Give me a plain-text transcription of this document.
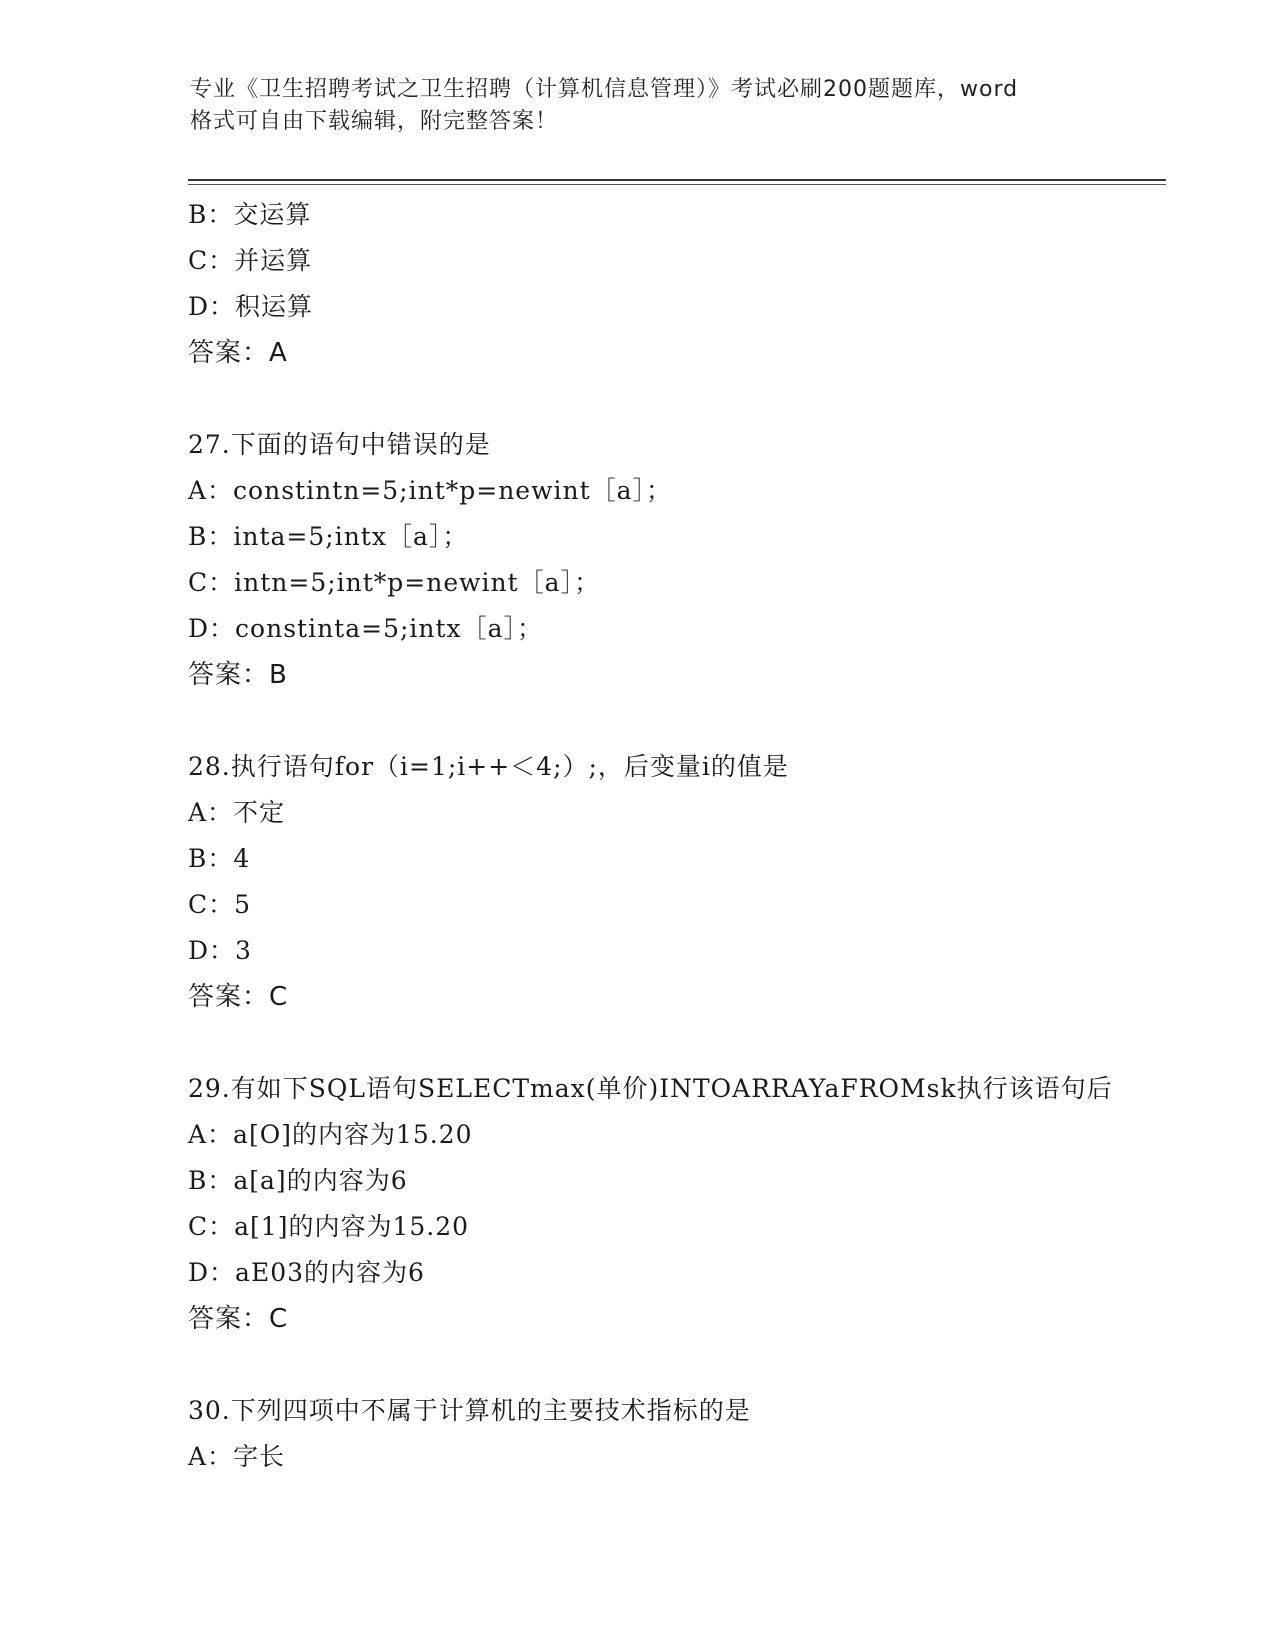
专业《卫生招聘考试之卫生招聘（计算机信息管理）》考试必刷200题题库，word
格式可自由下载编辑，附完整答案！
B：交运算
C：并运算
D：积运算
答案：A
27.下面的语句中错误的是
A：constintn=5;int*p=newint［a］；
B：inta=5;intx［a］；
C：intn=5;int*p=newint［a］；
D：constinta=5;intx［a］；
答案：B
28.执行语句for（i=1;i++＜4;）;，后变量i的值是
A：不定
B：4
C：5
D：3
答案：C
29.有如下SQL语句SELECTmax(单价)INTOARRAYaFROMsk执行该语句后
A：a[O]的内容为15.20
B：a[a]的内容为6
C：a[1]的内容为15.20
D：aE03的内容为6
答案：C
30.下列四项中不属于计算机的主要技术指标的是
A：字长
